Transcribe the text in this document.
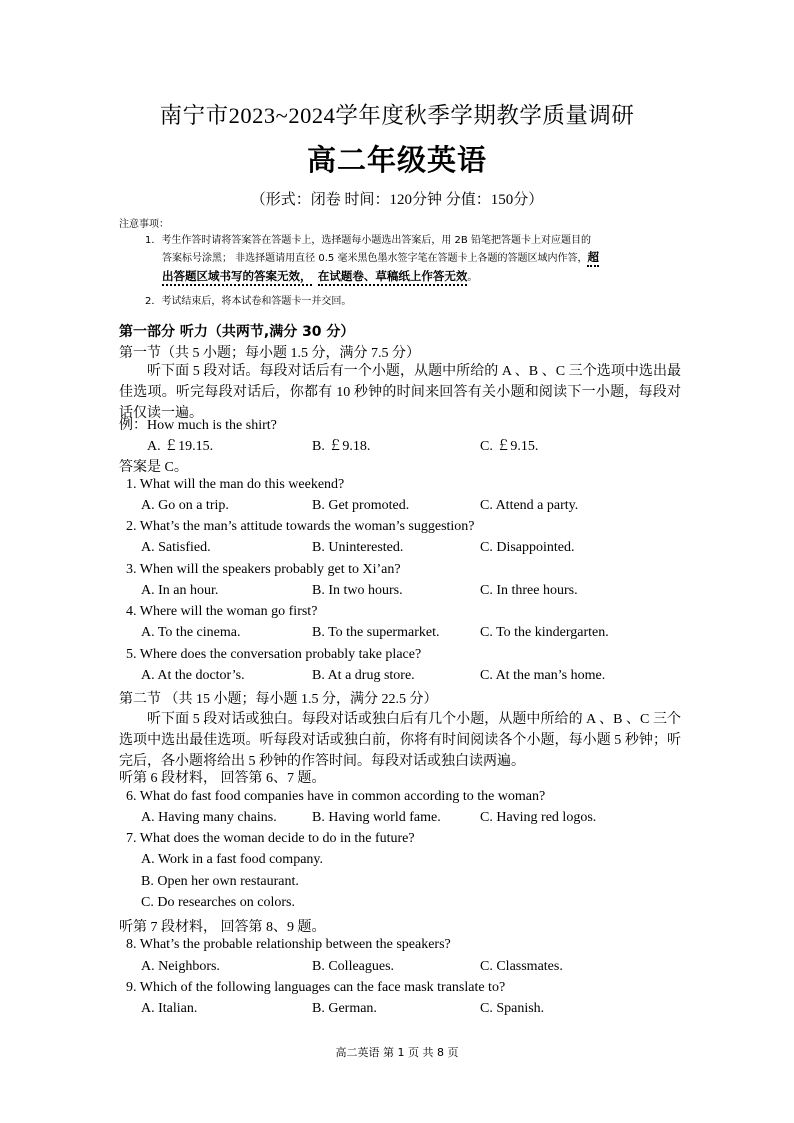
南宁市2023~2024学年度秋季学期教学质量调研
高二年级英语
（形式：闭卷 时间：120分钟 分值：150分）
注意事项：
1．考生作答时请将答案答在答题卡上，选择题每小题选出答案后，用 2B 铅笔把答题卡上对应题目的
答案标号涂黑； 非选择题请用直径 0.5 毫米黑色墨水签字笔在答题卡上各题的答题区域内作答，超
出答题区域书写的答案无效， 在试题卷、草稿纸上作答无效。
2．考试结束后，将本试卷和答题卡一并交回。
第一部分 听力（共两节,满分 30 分）
第一节（共 5 小题；每小题 1.5 分，满分 7.5 分）
听下面 5 段对话。每段对话后有一个小题，从题中所给的 A 、B 、C 三个选项中选出最佳选项。听完每段对话后，你都有 10 秒钟的时间来回答有关小题和阅读下一小题，每段对话仅读一遍。
例：How much is the shirt?
A. ￡19.15.	B. ￡9.18.	C. ￡9.15.
答案是 C。
1. What will the man do this weekend?
A. Go on a trip.	B. Get promoted.	C. Attend a party.
2. What’s the man’s attitude towards the woman’s suggestion?
A. Satisfied.	B. Uninterested.	C. Disappointed.
3. When will the speakers probably get to Xi’an?
A. In an hour.	B. In two hours.	C. In three hours.
4. Where will the woman go first?
A. To the cinema.	B. To the supermarket.	C. To the kindergarten.
5. Where does the conversation probably take place?
A. At the doctor’s.	B. At a drug store.	C. At the man’s home.
第二节 （共 15 小题；每小题 1.5 分，满分 22.5 分）
听下面 5 段对话或独白。每段对话或独白后有几个小题，从题中所给的 A 、B 、C 三个选项中选出最佳选项。听每段对话或独白前，你将有时间阅读各个小题，每小题 5 秒钟；听完后，各小题将给出 5 秒钟的作答时间。每段对话或独白读两遍。
听第 6 段材料， 回答第 6、7 题。
6. What do fast food companies have in common according to the woman?
A. Having many chains.	B. Having world fame.	C. Having red logos.
7. What does the woman decide to do in the future?
A. Work in a fast food company.
B. Open her own restaurant.
C. Do researches on colors.
听第 7 段材料， 回答第 8、9 题。
8. What’s the probable relationship between the speakers?
A. Neighbors.	B. Colleagues.	C. Classmates.
9. Which of the following languages can the face mask translate to?
A. Italian.	B. German.	C. Spanish.
高二英语 第 1 页 共 8 页
